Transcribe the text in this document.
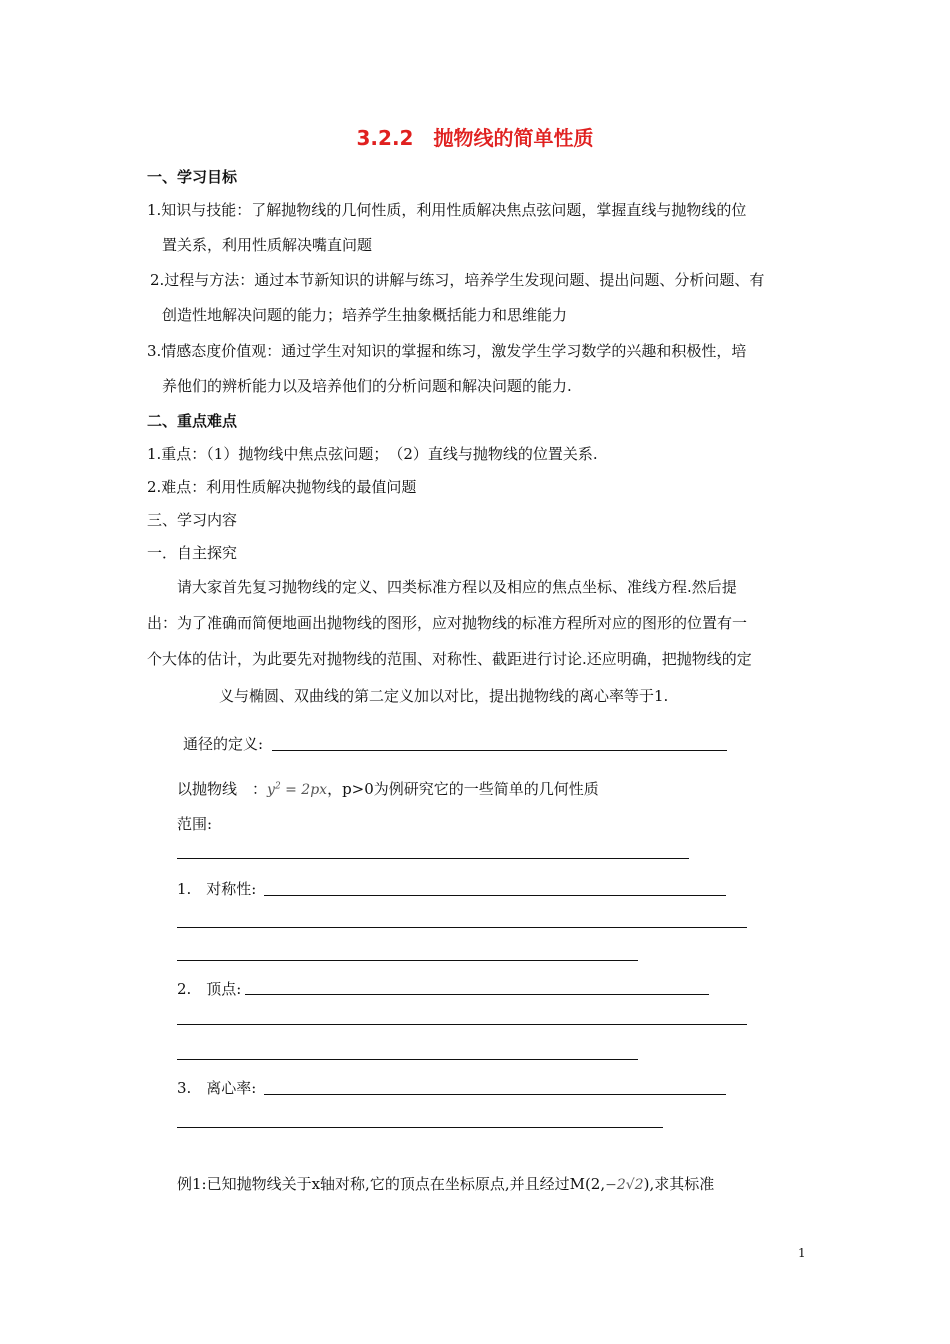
3.2.2　抛物线的简单性质
一、学习目标
1.知识与技能：了解抛物线的几何性质，利用性质解决焦点弦问题，掌握直线与抛物线的位
置关系，利用性质解决嘴直问题
2.过程与方法：通过本节新知识的讲解与练习，培养学生发现问题、提出问题、分析问题、有
创造性地解决问题的能力；培养学生抽象概括能力和思维能力
3.情感态度价值观：通过学生对知识的掌握和练习，激发学生学习数学的兴趣和积极性，培
养他们的辨析能力以及培养他们的分析问题和解决问题的能力.
二、重点难点
1.重点：（1）抛物线中焦点弦问题；　（2）直线与抛物线的位置关系.
2.难点：利用性质解决抛物线的最值问题
三、学习内容
一．自主探究
请大家首先复习抛物线的定义、四类标准方程以及相应的焦点坐标、准线方程.然后提
出：为了准确而简便地画出抛物线的图形，应对抛物线的标准方程所对应的图形的位置有一
个大体的估计，为此要先对抛物线的范围、对称性、截距进行讨论.还应明确，把抛物线的定
义与椭圆、双曲线的第二定义加以对比，提出抛物线的离心率等于1.
通径的定义:
以抛物线　：$y^2 = 2px$，p>0为例研究它的一些简单的几何性质
范围:
1.　对称性:
2.　顶点:
3.　离心率:
例1:已知抛物线关于x轴对称,它的顶点在坐标原点,并且经过M(2,−2√2),求其标准
1
